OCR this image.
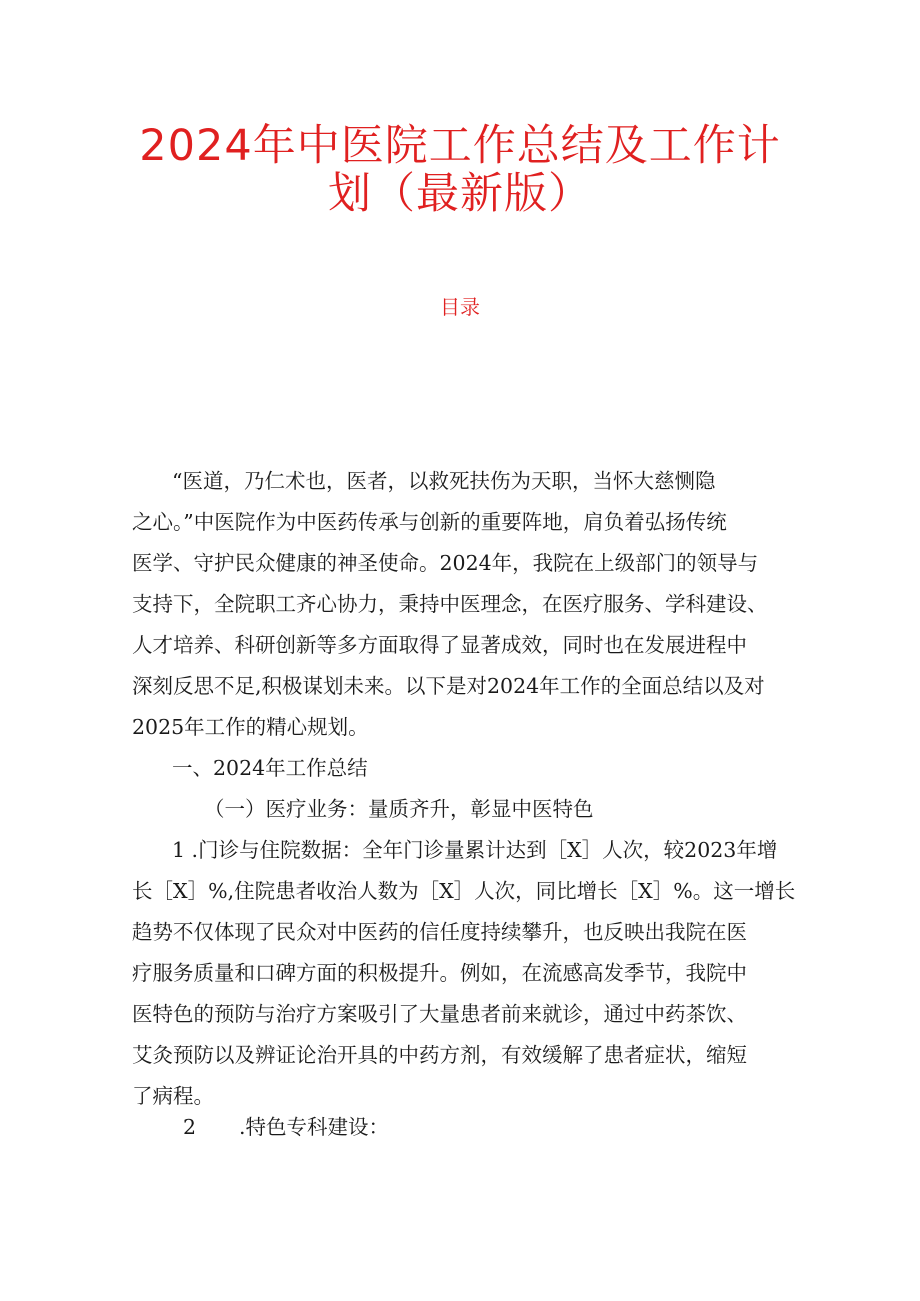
2024年中医院工作总结及工作计
划（最新版）

目录

“医道，乃仁术也，医者，以救死扶伤为天职，当怀大慈恻隐
之心。”中医院作为中医药传承与创新的重要阵地，肩负着弘扬传统
医学、守护民众健康的神圣使命。2024年，我院在上级部门的领导与
支持下，全院职工齐心协力，秉持中医理念，在医疗服务、学科建设、
人才培养、科研创新等多方面取得了显著成效，同时也在发展进程中
深刻反思不足,积极谋划未来。以下是对2024年工作的全面总结以及对
2025年工作的精心规划。
一、2024年工作总结
（一）医疗业务：量质齐升，彰显中医特色
1 .门诊与住院数据：全年门诊量累计达到［X］人次，较2023年增
长［X］%,住院患者收治人数为［X］人次，同比增长［X］%。这一增长
趋势不仅体现了民众对中医药的信任度持续攀升，也反映出我院在医
疗服务质量和口碑方面的积极提升。例如，在流感高发季节，我院中
医特色的预防与治疗方案吸引了大量患者前来就诊，通过中药茶饮、
艾灸预防以及辨证论治开具的中药方剂，有效缓解了患者症状，缩短
了病程。
2 .特色专科建设：
